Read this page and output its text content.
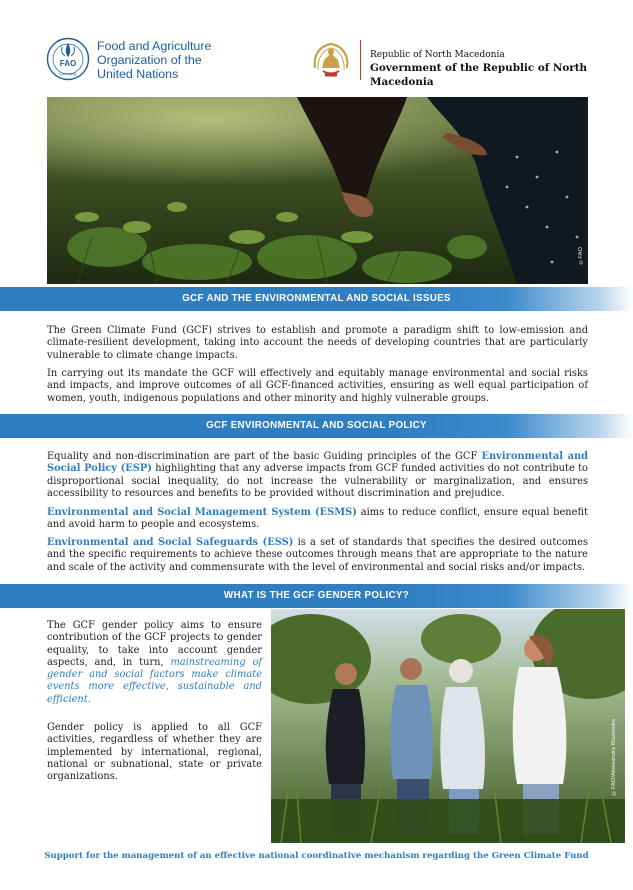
FAO
FIAT PANIS
Food and Agriculture
Organization of the
United Nations
Republic of North Macedonia
Government of the Republic of North Macedonia
©FAO
GCF AND THE ENVIRONMENTAL AND SOCIAL ISSUES

The Green Climate Fund (GCF) strives to establish and promote a paradigm shift to low-emission and climate-resilient development, taking into account the needs of developing countries that are particularly vulnerable to climate change impacts.

In carrying out its mandate the GCF will effectively and equitably manage environmental and social risks and impacts, and improve outcomes of all GCF-financed activities, ensuring as well equal participation of women, youth, indigenous populations and other minority and highly vulnerable groups.

GCF ENVIRONMENTAL AND SOCIAL POLICY

Equality and non-discrimination are part of the basic Guiding principles of the GCF Environmental and Social Policy (ESP) highlighting that any adverse impacts from GCF funded activities do not contribute to disproportional social inequality, do not increase the vulnerability or marginalization, and ensures accessibility to resources and benefits to be provided without discrimination and prejudice.

Environmental and Social Management System (ESMS) aims to reduce conflict, ensure equal benefit and avoid harm to people and ecosystems.

Environmental and Social Safeguards (ESS) is a set of standards that specifies the desired outcomes and the specific requirements to achieve these outcomes through means that are appropriate to the nature and scale of the activity and commensurate with the level of environmental and social risks and/or impacts.

WHAT IS THE GCF GENDER POLICY?

The GCF gender policy aims to ensure contribution of the GCF projects to gender equality, to take into account gender aspects, and, in turn, mainstreaming of gender and social factors make climate events more effective, sustainable and efficient.

Gender policy is applied to all GCF activities, regardless of whether they are implemented by international, regional, national or subnational, state or private organizations.	©FAO/Aleksandra Blazevska
Support for the management of an effective national coordinative mechanism regarding the Green Climate Fund
